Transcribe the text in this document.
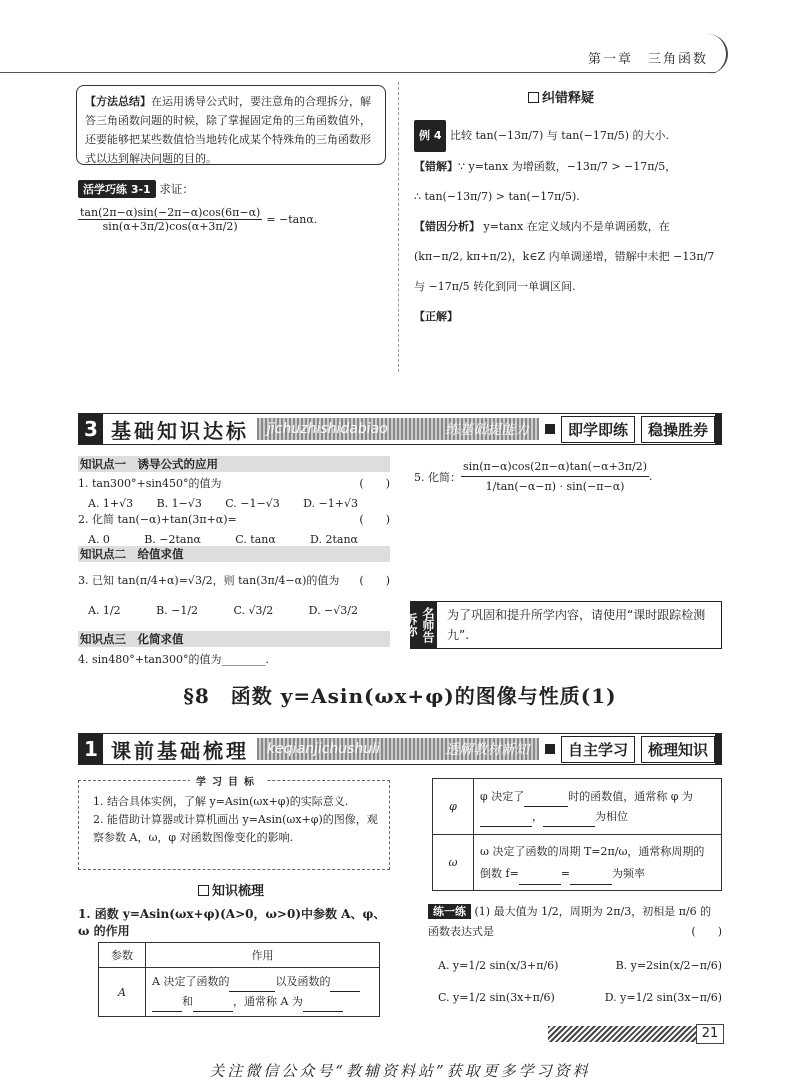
第一章　三角函数
【方法总结】在运用诱导公式时，要注意角的合理拆分，解答三角函数问题的时候，除了掌握固定角的三角函数值外，还要能够把某些数值恰当地转化成某个特殊角的三角函数形式以达到解决问题的目的。
活学巧练 3-1 求证：
$\frac{\tan(2\pi-\alpha)\sin(-2\pi-\alpha)\cos(6\pi-\alpha)}{\sin(\alpha+3\pi/2)\cos(\alpha+3\pi/2)} = -\tan\alpha$.
纠错释疑
例 4 比较 tan(−13π/7) 与 tan(−17π/5) 的大小.
【错解】∵ y=tanx 为增函数，−13π/7 > −17π/5，
∴ tan(−13π/7) > tan(−17π/5).
【错因分析】 y=tanx 在定义域内不是单调函数，在
(kπ−π/2, kπ+π/2)，k∈Z 内单调递增，错解中未把 −13π/7
与 −17π/5 转化到同一单调区间.
【正解】
3 基础知识达标	jichuzhishidabiao	练基础提能力	即学即练	稳操胜券
知识点一　诱导公式的应用
1. tan300°+sin450°的值为	(　　)
A. 1+√3 B. 1−√3 C. −1−√3 D. −1+√3
2. 化简 tan(−α)+tan(3π+α)=	(　　)
A. 0	B. −2tanα	C. tanα	D. 2tanα
知识点二　给值求值
3. 已知 tan(π/4+α)=√3/2，则 tan(3π/4−α)的值为 (　　)
A. 1/2	B. −1/2	C. √3/2	D. −√3/2
知识点三　化简求值
4. sin480°+tan300°的值为________.
5. 化简： $\frac{\sin(\pi-\alpha)\cos(2\pi-\alpha)\tan(-\alpha+3\pi/2)}{1/\tan(-\alpha-\pi) \cdot \sin(-\pi-\alpha)}$ .
名师告诉你	为了巩固和提升所学内容，请使用“课时跟踪检测九”.
§8　函数 y=Asin(ωx+φ)的图像与性质(1)
1 课前基础梳理	keqianjichushuli	透解教材新知	自主学习	梳理知识
1. 结合具体实例，了解 y=Asin(ωx+φ)的实际意义.
2. 能借助计算器或计算机画出 y=Asin(ωx+φ)的图像，观察参数 A，ω，φ 对函数图像变化的影响.
学习目标
知识梳理
1. 函数 y=Asin(ωx+φ)(A>0，ω>0)中参数 A、φ、ω 的作用
参数	作用
A	A 决定了函数的 以及函数的
和 ，通常称 A 为
φ	φ 决定了 时的函数值，通常称 φ 为
， 为相位
ω	ω 决定了函数的周期 T=2π/ω，通常称周期的
倒数 f= = 为频率
练一练 (1) 最大值为 1/2，周期为 2π/3，初相是 π/6 的函数表达式是	(　　)
A. y=1/2 sin(x/3+π/6)	B. y=2sin(x/2−π/6)
C. y=1/2 sin(3x+π/6)	D. y=1/2 sin(3x−π/6)
21
关注微信公众号“教辅资料站”获取更多学习资料
